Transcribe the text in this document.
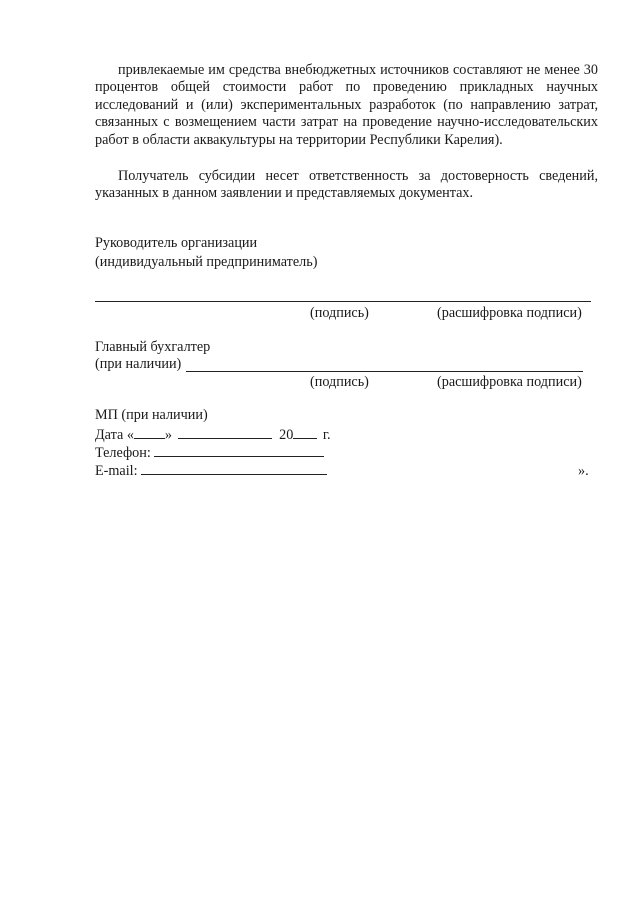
привлекаемые им средства внебюджетных источников составляют не менее 30 процентов общей стоимости работ по проведению прикладных научных исследований и (или) экспериментальных разработок (по направлению затрат, связанных с возмещением части затрат на проведение научно-исследовательских работ в области аквакультуры на территории Республики Карелия).

Получатель субсидии несет ответственность за достоверность сведений, указанных в данном заявлении и представляемых документах.

Руководитель организации
(индивидуальный предприниматель)
(подпись)	(расшифровка подписи)
Главный бухгалтер
(при наличии)
(подпись)	(расшифровка подписи)
МП (при наличии)
Дата « »	20 г.
Телефон:
E-mail:	».
